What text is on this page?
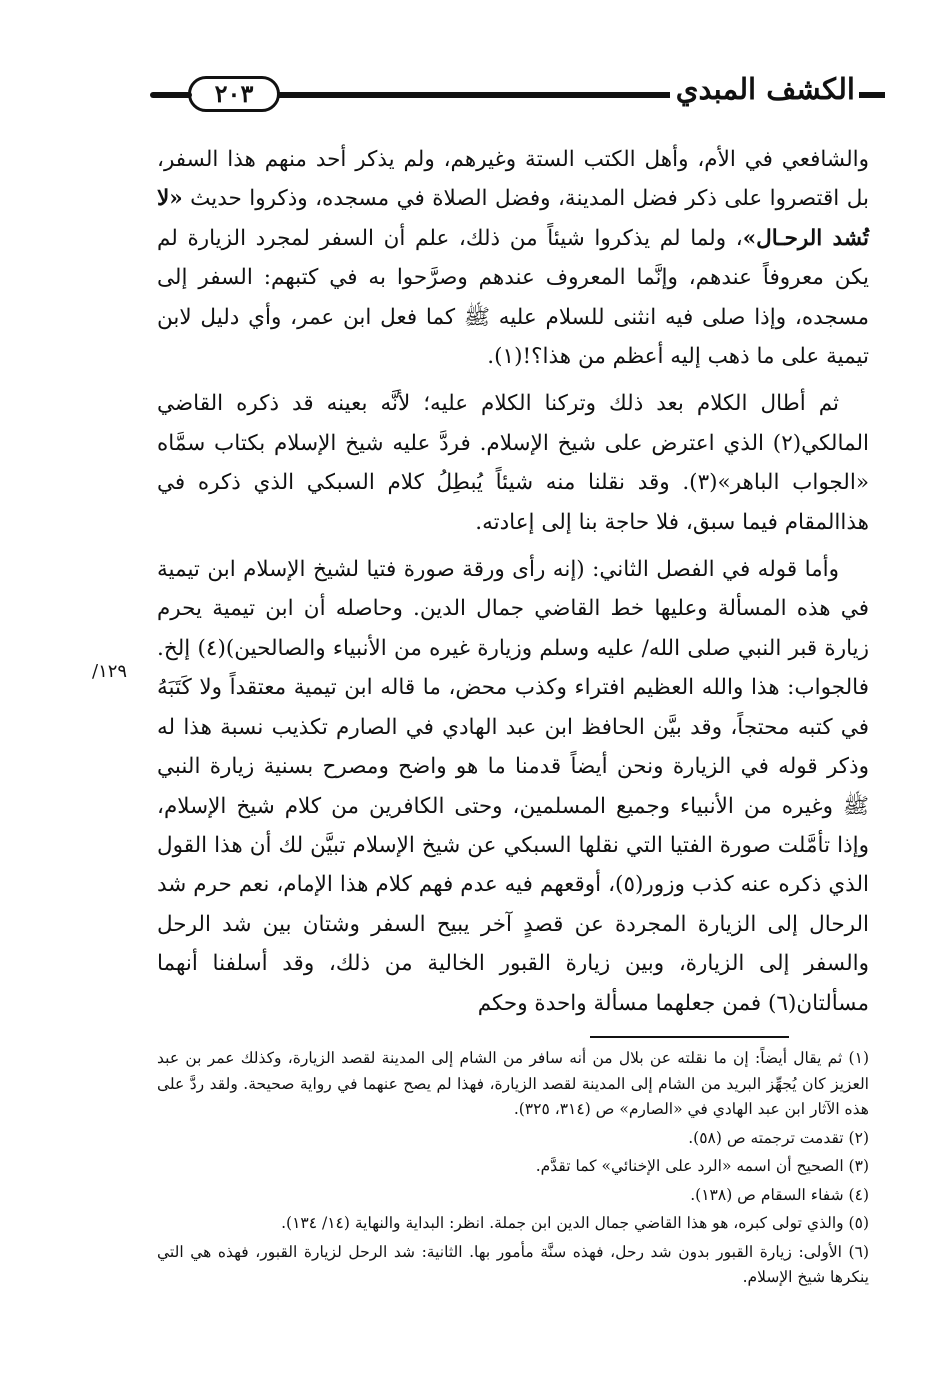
الكشف المبدي
٢٠٣

والشافعي في الأم، وأهل الكتب الستة وغيرهم، ولم يذكر أحد منهم هذا السفر، بل اقتصروا على ذكر فضل المدينة، وفضل الصلاة في مسجده، وذكروا حديث «لا تُشد الرحـال»، ولما لم يذكروا شيئاً من ذلك، علم أن السفر لمجرد الزيارة لم يكن معروفاً عندهم، وإنَّما المعروف عندهم وصرَّحوا به في كتبهم: السفر إلى مسجده، وإذا صلى فيه انثنى للسلام عليه ﷺ كما فعل ابن عمر، وأي دليل لابن تيمية على ما ذهب إليه أعظم من هذا؟!(١).

ثم أطال الكلام بعد ذلك وتركنا الكلام عليه؛ لأنَّه بعينه قد ذكره القاضي المالكي(٢) الذي اعترض على شيخ الإسلام. فردَّ عليه شيخ الإسلام بكتاب سمَّاه «الجواب الباهر»(٣). وقد نقلنا منه شيئاً يُبطِلُ كلام السبكي الذي ذكره في هذاالمقام فيما سبق، فلا حاجة بنا إلى إعادته.

وأما قوله في الفصل الثاني: (إنه رأى ورقة صورة فتيا لشيخ الإسلام ابن تيمية في هذه المسألة وعليها خط القاضي جمال الدين. وحاصله أن ابن تيمية يحرم زيارة قبر النبي صلى الله/ عليه وسلم وزيارة غيره من الأنبياء والصالحين)(٤) إلخ. فالجواب: هذا والله العظيم افتراء وكذب محض، ما قاله ابن تيمية معتقداً ولا كَتَبَهُ في كتبه محتجاً، وقد بيَّن الحافظ ابن عبد الهادي في الصارم تكذيب نسبة هذا له وذكر قوله في الزيارة ونحن أيضاً قدمنا ما هو واضح ومصرح بسنية زيارة النبي ﷺ وغيره من الأنبياء وجميع المسلمين، وحتى الكافرين من كلام شيخ الإسلام، وإذا تأمَّلت صورة الفتيا التي نقلها السبكي عن شيخ الإسلام تبيَّن لك أن هذا القول الذي ذكره عنه كذب وزور(٥)، أوقعهم فيه عدم فهم كلام هذا الإمام، نعم حرم شد الرحال إلى الزيارة المجردة عن قصدٍ آخر يبيح السفر وشتان بين شد الرحل والسفر إلى الزيارة، وبين زيارة القبور الخالية من ذلك، وقد أسلفنا أنهما مسألتان(٦) فمن جعلهما مسألة واحدة وحكم

١٢٩/

(١) ثم يقال أيضاً: إن ما نقلته عن بلال من أنه سافر من الشام إلى المدينة لقصد الزيارة، وكذلك عمر بن عبد العزيز كان يُجهِّز البريد من الشام إلى المدينة لقصد الزيارة، فهذا لم يصح عنهما في رواية صحيحة. ولقد ردَّ على هذه الآثار ابن عبد الهادي في «الصارم» ص (٣١٤، ٣٢٥).

(٢) تقدمت ترجمته ص (٥٨).

(٣) الصحيح أن اسمه «الرد على الإخنائي» كما تقدَّم.

(٤) شفاء السقام ص (١٣٨).

(٥) والذي تولى كبره، هو هذا القاضي جمال الدين ابن جملة. انظر: البداية والنهاية (١٤/ ١٣٤).

(٦) الأولى: زيارة القبور بدون شد رحل، فهذه سنَّة مأمور بها. الثانية: شد الرحل لزيارة القبور، فهذه هي التي ينكرها شيخ الإسلام.
